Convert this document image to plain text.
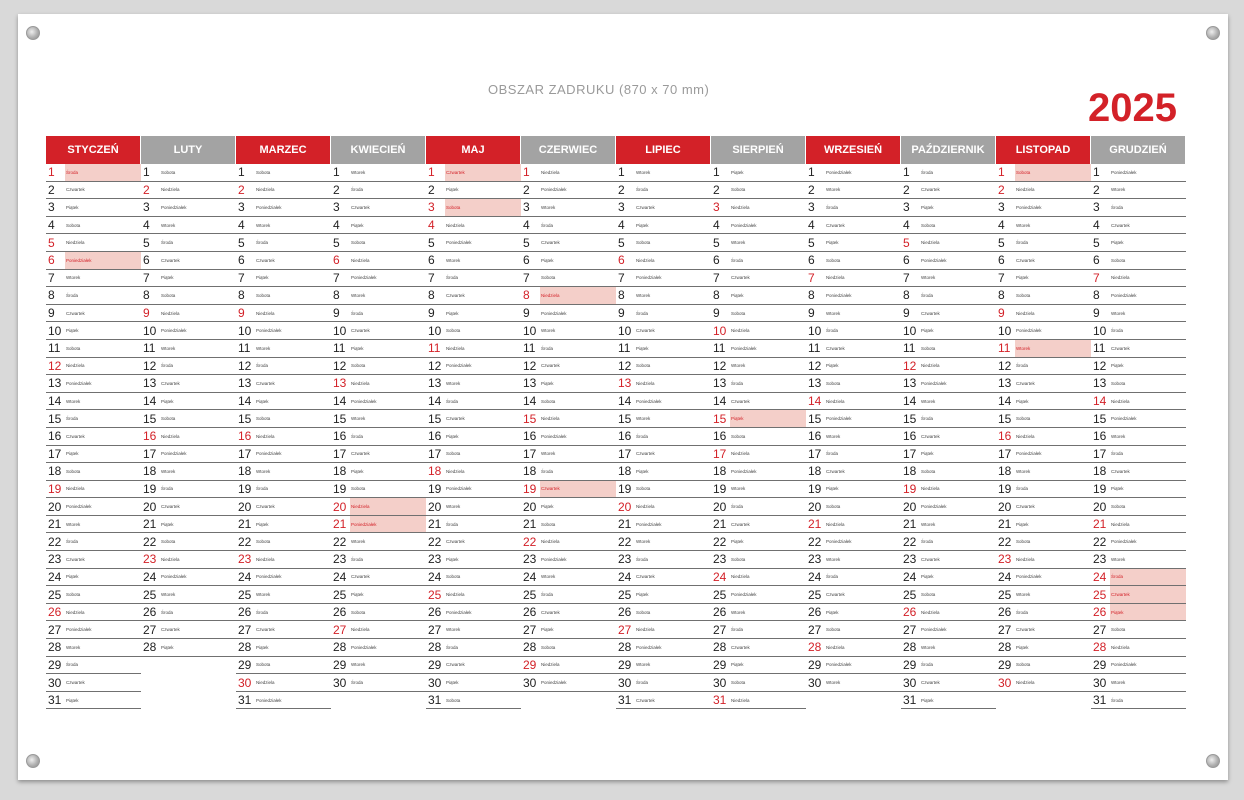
OBSZAR ZADRUKU (870 x 70 mm)	2025
STYCZEŃ
1	Środa
2	Czwartek
3	Piątek
4	Sobota
5	Niedziela
6	Poniedziałek
7	Wtorek
8	Środa
9	Czwartek
10	Piątek
11	Sobota
12	Niedziela
13	Poniedziałek
14	Wtorek
15	Środa
16	Czwartek
17	Piątek
18	Sobota
19	Niedziela
20	Poniedziałek
21	Wtorek
22	Środa
23	Czwartek
24	Piątek
25	Sobota
26	Niedziela
27	Poniedziałek
28	Wtorek
29	Środa
30	Czwartek
31	Piątek
LUTY
1	Sobota
2	Niedziela
3	Poniedziałek
4	Wtorek
5	Środa
6	Czwartek
7	Piątek
8	Sobota
9	Niedziela
10	Poniedziałek
11	Wtorek
12	Środa
13	Czwartek
14	Piątek
15	Sobota
16	Niedziela
17	Poniedziałek
18	Wtorek
19	Środa
20	Czwartek
21	Piątek
22	Sobota
23	Niedziela
24	Poniedziałek
25	Wtorek
26	Środa
27	Czwartek
28	Piątek
MARZEC
1	Sobota
2	Niedziela
3	Poniedziałek
4	Wtorek
5	Środa
6	Czwartek
7	Piątek
8	Sobota
9	Niedziela
10	Poniedziałek
11	Wtorek
12	Środa
13	Czwartek
14	Piątek
15	Sobota
16	Niedziela
17	Poniedziałek
18	Wtorek
19	Środa
20	Czwartek
21	Piątek
22	Sobota
23	Niedziela
24	Poniedziałek
25	Wtorek
26	Środa
27	Czwartek
28	Piątek
29	Sobota
30	Niedziela
31	Poniedziałek
KWIECIEŃ
1	Wtorek
2	Środa
3	Czwartek
4	Piątek
5	Sobota
6	Niedziela
7	Poniedziałek
8	Wtorek
9	Środa
10	Czwartek
11	Piątek
12	Sobota
13	Niedziela
14	Poniedziałek
15	Wtorek
16	Środa
17	Czwartek
18	Piątek
19	Sobota
20	Niedziela
21	Poniedziałek
22	Wtorek
23	Środa
24	Czwartek
25	Piątek
26	Sobota
27	Niedziela
28	Poniedziałek
29	Wtorek
30	Środa
MAJ
1	Czwartek
2	Piątek
3	Sobota
4	Niedziela
5	Poniedziałek
6	Wtorek
7	Środa
8	Czwartek
9	Piątek
10	Sobota
11	Niedziela
12	Poniedziałek
13	Wtorek
14	Środa
15	Czwartek
16	Piątek
17	Sobota
18	Niedziela
19	Poniedziałek
20	Wtorek
21	Środa
22	Czwartek
23	Piątek
24	Sobota
25	Niedziela
26	Poniedziałek
27	Wtorek
28	Środa
29	Czwartek
30	Piątek
31	Sobota
CZERWIEC
1	Niedziela
2	Poniedziałek
3	Wtorek
4	Środa
5	Czwartek
6	Piątek
7	Sobota
8	Niedziela
9	Poniedziałek
10	Wtorek
11	Środa
12	Czwartek
13	Piątek
14	Sobota
15	Niedziela
16	Poniedziałek
17	Wtorek
18	Środa
19	Czwartek
20	Piątek
21	Sobota
22	Niedziela
23	Poniedziałek
24	Wtorek
25	Środa
26	Czwartek
27	Piątek
28	Sobota
29	Niedziela
30	Poniedziałek
LIPIEC
1	Wtorek
2	Środa
3	Czwartek
4	Piątek
5	Sobota
6	Niedziela
7	Poniedziałek
8	Wtorek
9	Środa
10	Czwartek
11	Piątek
12	Sobota
13	Niedziela
14	Poniedziałek
15	Wtorek
16	Środa
17	Czwartek
18	Piątek
19	Sobota
20	Niedziela
21	Poniedziałek
22	Wtorek
23	Środa
24	Czwartek
25	Piątek
26	Sobota
27	Niedziela
28	Poniedziałek
29	Wtorek
30	Środa
31	Czwartek
SIERPIEŃ
1	Piątek
2	Sobota
3	Niedziela
4	Poniedziałek
5	Wtorek
6	Środa
7	Czwartek
8	Piątek
9	Sobota
10	Niedziela
11	Poniedziałek
12	Wtorek
13	Środa
14	Czwartek
15	Piątek
16	Sobota
17	Niedziela
18	Poniedziałek
19	Wtorek
20	Środa
21	Czwartek
22	Piątek
23	Sobota
24	Niedziela
25	Poniedziałek
26	Wtorek
27	Środa
28	Czwartek
29	Piątek
30	Sobota
31	Niedziela
WRZESIEŃ
1	Poniedziałek
2	Wtorek
3	Środa
4	Czwartek
5	Piątek
6	Sobota
7	Niedziela
8	Poniedziałek
9	Wtorek
10	Środa
11	Czwartek
12	Piątek
13	Sobota
14	Niedziela
15	Poniedziałek
16	Wtorek
17	Środa
18	Czwartek
19	Piątek
20	Sobota
21	Niedziela
22	Poniedziałek
23	Wtorek
24	Środa
25	Czwartek
26	Piątek
27	Sobota
28	Niedziela
29	Poniedziałek
30	Wtorek
PAŹDZIERNIK
1	Środa
2	Czwartek
3	Piątek
4	Sobota
5	Niedziela
6	Poniedziałek
7	Wtorek
8	Środa
9	Czwartek
10	Piątek
11	Sobota
12	Niedziela
13	Poniedziałek
14	Wtorek
15	Środa
16	Czwartek
17	Piątek
18	Sobota
19	Niedziela
20	Poniedziałek
21	Wtorek
22	Środa
23	Czwartek
24	Piątek
25	Sobota
26	Niedziela
27	Poniedziałek
28	Wtorek
29	Środa
30	Czwartek
31	Piątek
LISTOPAD
1	Sobota
2	Niedziela
3	Poniedziałek
4	Wtorek
5	Środa
6	Czwartek
7	Piątek
8	Sobota
9	Niedziela
10	Poniedziałek
11	Wtorek
12	Środa
13	Czwartek
14	Piątek
15	Sobota
16	Niedziela
17	Poniedziałek
18	Wtorek
19	Środa
20	Czwartek
21	Piątek
22	Sobota
23	Niedziela
24	Poniedziałek
25	Wtorek
26	Środa
27	Czwartek
28	Piątek
29	Sobota
30	Niedziela
GRUDZIEŃ
1	Poniedziałek
2	Wtorek
3	Środa
4	Czwartek
5	Piątek
6	Sobota
7	Niedziela
8	Poniedziałek
9	Wtorek
10	Środa
11	Czwartek
12	Piątek
13	Sobota
14	Niedziela
15	Poniedziałek
16	Wtorek
17	Środa
18	Czwartek
19	Piątek
20	Sobota
21	Niedziela
22	Poniedziałek
23	Wtorek
24	Środa
25	Czwartek
26	Piątek
27	Sobota
28	Niedziela
29	Poniedziałek
30	Wtorek
31	Środa
